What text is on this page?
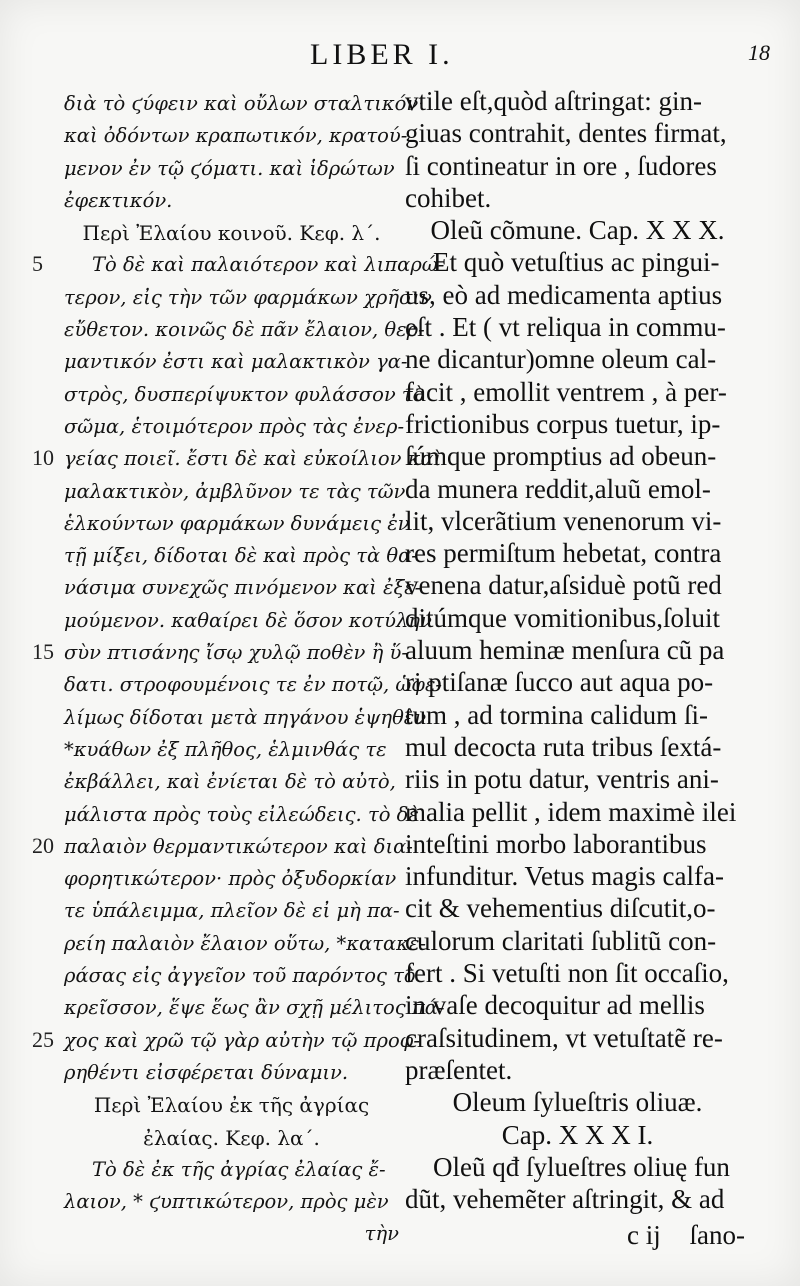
LIBER I.	18
5
10
15
20
25
διὰ τὸ ϛύφειν καὶ οὔλων σταλτικόν·
καὶ ὀδόντων κραπωτικόν, κρατού-
μενον ἐν τῷ ϛόματι. καὶ ἱδρώτων
ἐφεκτικόν.
Περὶ Ἐλαίου κοινοῦ. Κεφ. λ΄.
Τὸ δὲ καὶ παλαιότερον καὶ λιπαρώ-
τερον, εἰς τὴν τῶν φαρμάκων χρῆσιν
εὔθετον. κοινῶς δὲ πᾶν ἔλαιον, θερ-
μαντικόν ἐστι καὶ μαλακτικὸν γα-
στρὸς, δυσπερίψυκτον φυλάσσον τὸ
σῶμα, ἑτοιμότερον πρὸς τὰς ἐνερ-
γείας ποιεῖ. ἔστι δὲ καὶ εὐκοίλιον καὶ
μαλακτικὸν, ἀμβλῦνον τε τὰς τῶν
ἑλκούντων φαρμάκων δυνάμεις ἐν
τῇ μίξει, δίδοται δὲ καὶ πρὸς τὰ θα-
νάσιμα συνεχῶς πινόμενον καὶ ἐξε-
μούμενον. καθαίρει δὲ ὅσον κοτύλην
σὺν πτισάνης ἴσῳ χυλῷ ποθὲν ἢ ὕ-
δατι. στροφουμένοις τε ἐν ποτῷ, ὡφε-
λίμως δίδοται μετὰ πηγάνου ἑψηθὲν
*κυάθων ἐξ πλῆθος, ἑλμινθάς τε
ἐκβάλλει, καὶ ἐνίεται δὲ τὸ αὐτὸ,
μάλιστα πρὸς τοὺς εἰλεώδεις. τὸ δὲ
παλαιὸν θερμαντικώτερον καὶ δια-
φορητικώτερον· πρὸς ὀξυδορκίαν
τε ὑπάλειμμα, πλεῖον δὲ εἰ μὴ πα-
ρείη παλαιὸν ἔλαιον οὕτω, *κατακε-
ράσας εἰς ἀγγεῖον τοῦ παρόντος τὸ
κρεῖσσον, ἕψε ἕως ἂν σχῇ μέλιτος πά-
χος καὶ χρῶ τῷ γὰρ αὐτὴν τῷ προφ-
ρηθέντι εἰσφέρεται δύναμιν.
Περὶ Ἐλαίου ἐκ τῆς ἀγρίας
ἐλαίας. Κεφ. λα΄.
Τὸ δὲ ἐκ τῆς ἀγρίας ἐλαίας ἔ-
λαιον, * ϛυπτικώτερον, πρὸς μὲν
τὴν
vtile eſt,quòd aſtringat: gin-
giuas contrahit, dentes firmat,
ſi contineatur in ore , ſudores
cohibet.
Oleũ cõmune. Cap. X X X.
Et quò vetuſtius ac pingui-
us, eò ad medicamenta aptius
eſt . Et ( vt reliqua in commu-
ne dicantur)omne oleum cal-
facit , emollit ventrem , à per-
frictionibus corpus tuetur, ip-
ſúmque promptius ad obeun-
da munera reddit,aluũ emol-
lit, vlcerãtium venenorum vi-
res permiſtum hebetat, contra
venena datur,aſsiduè potũ red
ditúmque vomitionibus,ſoluit
aluum heminæ menſura cũ pa
ri ptiſanæ ſucco aut aqua po-
tum , ad tormina calidum ſi-
mul decocta ruta tribus ſextá-
riis in potu datur, ventris ani-
malia pellit , idem maximè ilei
inteſtini morbo laborantibus
infunditur. Vetus magis calfa-
cit & vehementius diſcutit,o-
culorum claritati ſublitũ con-
fert . Si vetuſti non ſit occaſio,
in vaſe decoquitur ad mellis
craſsitudinem, vt vetuſtatẽ re-
præſentet.
Oleum ſylueſtris oliuæ.
Cap. X X X I.
Oleũ qđ ſylueſtres oliuę fun
dũt, vehemẽter aſtringit, & ad
c ij ſano-
